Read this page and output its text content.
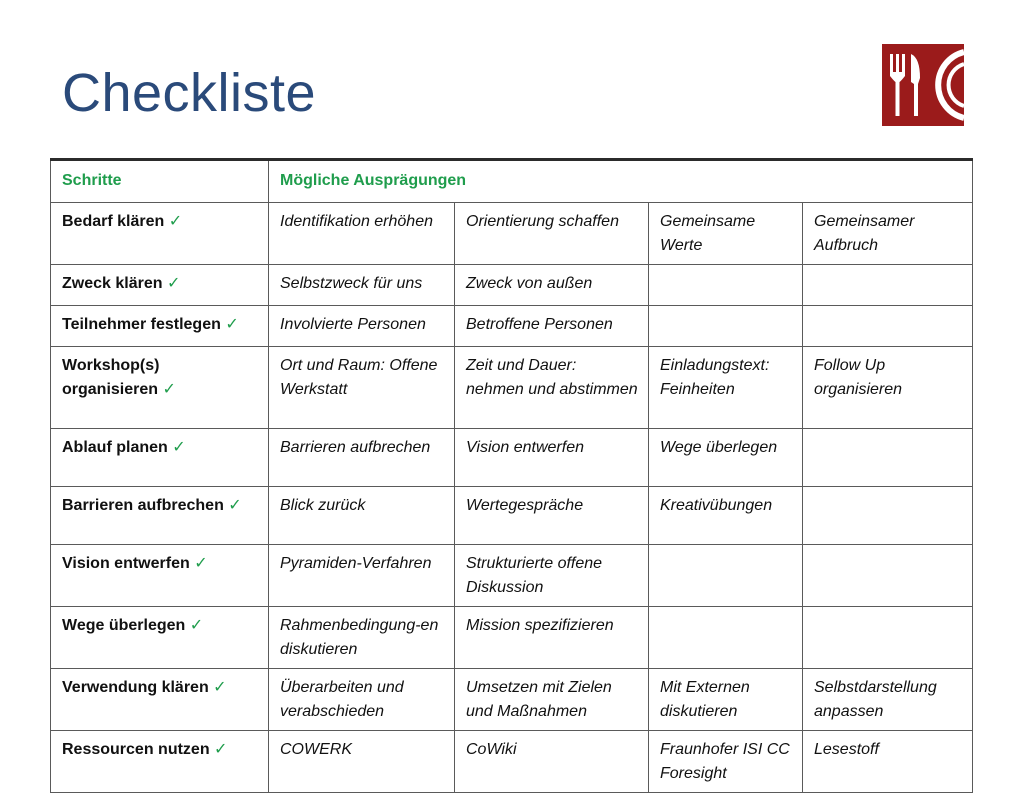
Checkliste
Schritte	Mögliche Ausprägungen			
Bedarf klären ✓	Identifikation erhöhen	Orientierung schaffen	Gemeinsame Werte	Gemeinsamer Aufbruch
Zweck klären ✓	Selbstzweck für uns	Zweck von außen		
Teilnehmer festlegen ✓	Involvierte Personen	Betroffene Personen		
Workshop(s) organisieren ✓	Ort und Raum: Offene Werkstatt	Zeit und Dauer: nehmen und abstimmen	Einladungstext: Feinheiten	Follow Up organisieren
Ablauf planen ✓	Barrieren aufbrechen	Vision entwerfen	Wege überlegen	
Barrieren aufbrechen ✓	Blick zurück	Wertegespräche	Kreativübungen	
Vision entwerfen ✓	Pyramiden-Verfahren	Strukturierte offene Diskussion		
Wege überlegen ✓	Rahmenbedingung-en diskutieren	Mission spezifizieren		
Verwendung klären ✓	Überarbeiten und verabschieden	Umsetzen mit Zielen und Maßnahmen	Mit Externen diskutieren	Selbstdarstellung anpassen
Ressourcen nutzen ✓	COWERK	CoWiki	Fraunhofer ISI CC Foresight	Lesestoff
